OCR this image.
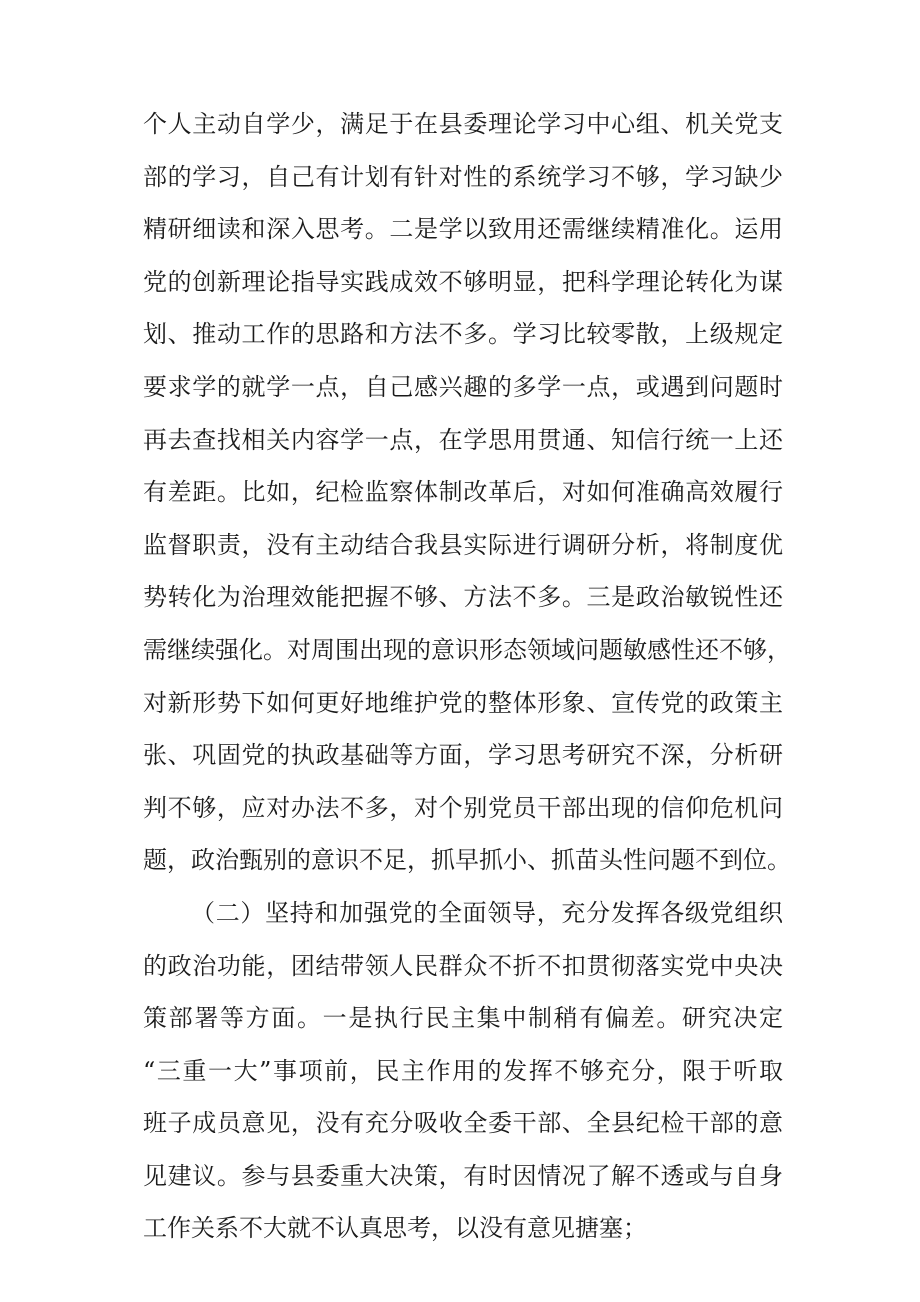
个人主动自学少，满足于在县委理论学习中心组、机关党支
部的学习，自己有计划有针对性的系统学习不够，学习缺少
精研细读和深入思考。二是学以致用还需继续精准化。运用
党的创新理论指导实践成效不够明显，把科学理论转化为谋
划、推动工作的思路和方法不多。学习比较零散，上级规定
要求学的就学一点，自己感兴趣的多学一点，或遇到问题时
再去查找相关内容学一点，在学思用贯通、知信行统一上还
有差距。比如，纪检监察体制改革后，对如何准确高效履行
监督职责，没有主动结合我县实际进行调研分析，将制度优
势转化为治理效能把握不够、方法不多。三是政治敏锐性还
需继续强化。对周围出现的意识形态领域问题敏感性还不够，
对新形势下如何更好地维护党的整体形象、宣传党的政策主
张、巩固党的执政基础等方面，学习思考研究不深，分析研
判不够，应对办法不多，对个别党员干部出现的信仰危机问
题，政治甄别的意识不足，抓早抓小、抓苗头性问题不到位。
（二）坚持和加强党的全面领导，充分发挥各级党组织
的政治功能，团结带领人民群众不折不扣贯彻落实党中央决
策部署等方面。一是执行民主集中制稍有偏差。研究决定
“三重一大”事项前，民主作用的发挥不够充分，限于听取
班子成员意见，没有充分吸收全委干部、全县纪检干部的意
见建议。参与县委重大决策，有时因情况了解不透或与自身
工作关系不大就不认真思考，以没有意见搪塞；
